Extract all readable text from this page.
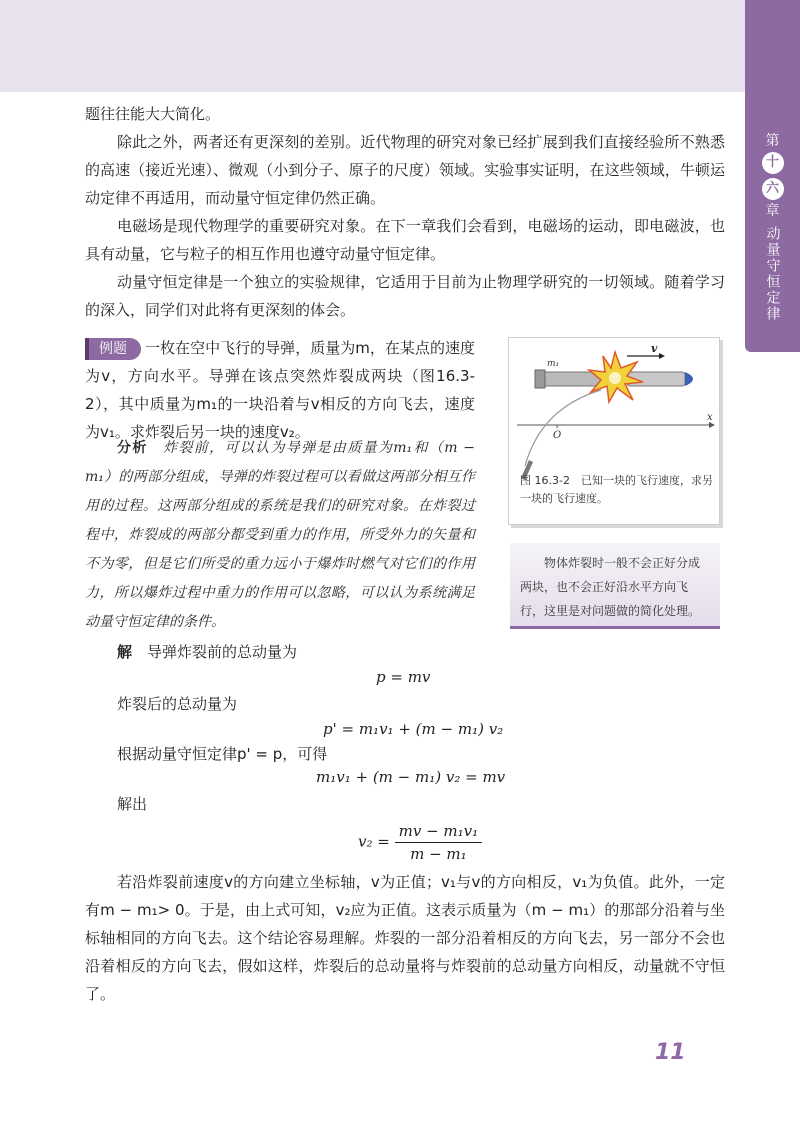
第
十
六
章
动量守恒定律
题往往能大大简化。
除此之外，两者还有更深刻的差别。近代物理的研究对象已经扩展到我们直接经验所不熟悉的高速（接近光速）、微观（小到分子、原子的尺度）领域。实验事实证明，在这些领域，牛顿运动定律不再适用，而动量守恒定律仍然正确。
电磁场是现代物理学的重要研究对象。在下一章我们会看到，电磁场的运动，即电磁波，也具有动量，它与粒子的相互作用也遵守动量守恒定律。
动量守恒定律是一个独立的实验规律，它适用于目前为止物理学研究的一切领域。随着学习的深入，同学们对此将有更深刻的体会。
例题 一枚在空中飞行的导弹，质量为m，在某点的速度为v，方向水平。导弹在该点突然炸裂成两块（图16.3-2），其中质量为m₁的一块沿着与v相反的方向飞去，速度为v₁。求炸裂后另一块的速度v₂。
分析　 炸裂前，可以认为导弹是由质量为m₁和（m − m₁）的两部分组成，导弹的炸裂过程可以看做这两部分相互作用的过程。这两部分组成的系统是我们的研究对象。在炸裂过程中，炸裂成的两部分都受到重力的作用，所受外力的矢量和不为零，但是它们所受的重力远小于爆炸时燃气对它们的作用力，所以爆炸过程中重力的作用可以忽略，可以认为系统满足动量守恒定律的条件。
解　 导弹炸裂前的总动量为
p = mv
炸裂后的总动量为
p' = m₁v₁ + (m − m₁) v₂
根据动量守恒定律p' = p，可得
m₁v₁ + (m − m₁) v₂ = mv
解出
$v_2 = \frac{\text{mv − m₁v₁}}{\text{m − m₁}}$
若沿炸裂前速度v的方向建立坐标轴，v为正值；v₁与v的方向相反，v₁为负值。此外，一定有m − m₁> 0。于是，由上式可知，v₂应为正值。这表示质量为（m − m₁）的那部分沿着与坐标轴相同的方向飞去。这个结论容易理解。炸裂的一部分沿着相反的方向飞去，另一部分不会也沿着相反的方向飞去，假如这样，炸裂后的总动量将与炸裂前的总动量方向相反，动量就不守恒了。
x
O
v
m₁
图 16.3-2　已知一块的飞行速度，求另一块的飞行速度。
物体炸裂时一般不会正好分成两块，也不会正好沿水平方向飞行，这里是对问题做的简化处理。
11
